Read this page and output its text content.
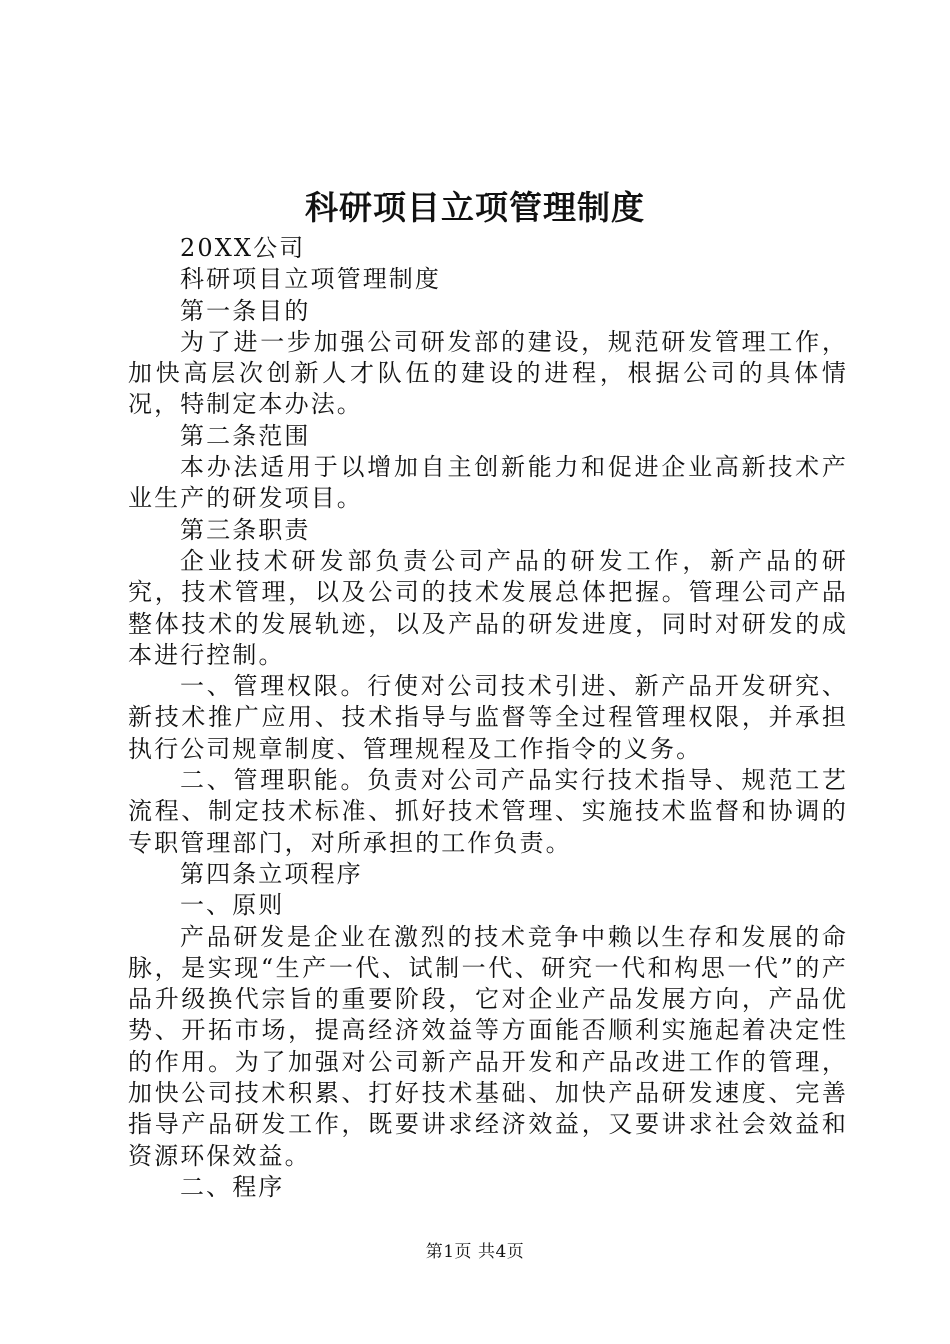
科研项目立项管理制度

20XX公司

科研项目立项管理制度

第一条目的

为了进一步加强公司研发部的建设，规范研发管理工作，加快高层次创新人才队伍的建设的进程，根据公司的具体情况，特制定本办法。

第二条范围

本办法适用于以增加自主创新能力和促进企业高新技术产业生产的研发项目。

第三条职责

企业技术研发部负责公司产品的研发工作，新产品的研究，技术管理，以及公司的技术发展总体把握。管理公司产品整体技术的发展轨迹，以及产品的研发进度，同时对研发的成本进行控制。

一、管理权限。行使对公司技术引进、新产品开发研究、新技术推广应用、技术指导与监督等全过程管理权限，并承担执行公司规章制度、管理规程及工作指令的义务。

二、管理职能。负责对公司产品实行技术指导、规范工艺流程、制定技术标准、抓好技术管理、实施技术监督和协调的专职管理部门，对所承担的工作负责。

第四条立项程序

一、原则

产品研发是企业在激烈的技术竞争中赖以生存和发展的命脉，是实现“生产一代、试制一代、研究一代和构思一代”的产品升级换代宗旨的重要阶段，它对企业产品发展方向，产品优势、开拓市场，提高经济效益等方面能否顺利实施起着决定性的作用。为了加强对公司新产品开发和产品改进工作的管理，加快公司技术积累、打好技术基础、加快产品研发速度、完善指导产品研发工作，既要讲求经济效益，又要讲求社会效益和资源环保效益。

二、程序

第1页 共4页
